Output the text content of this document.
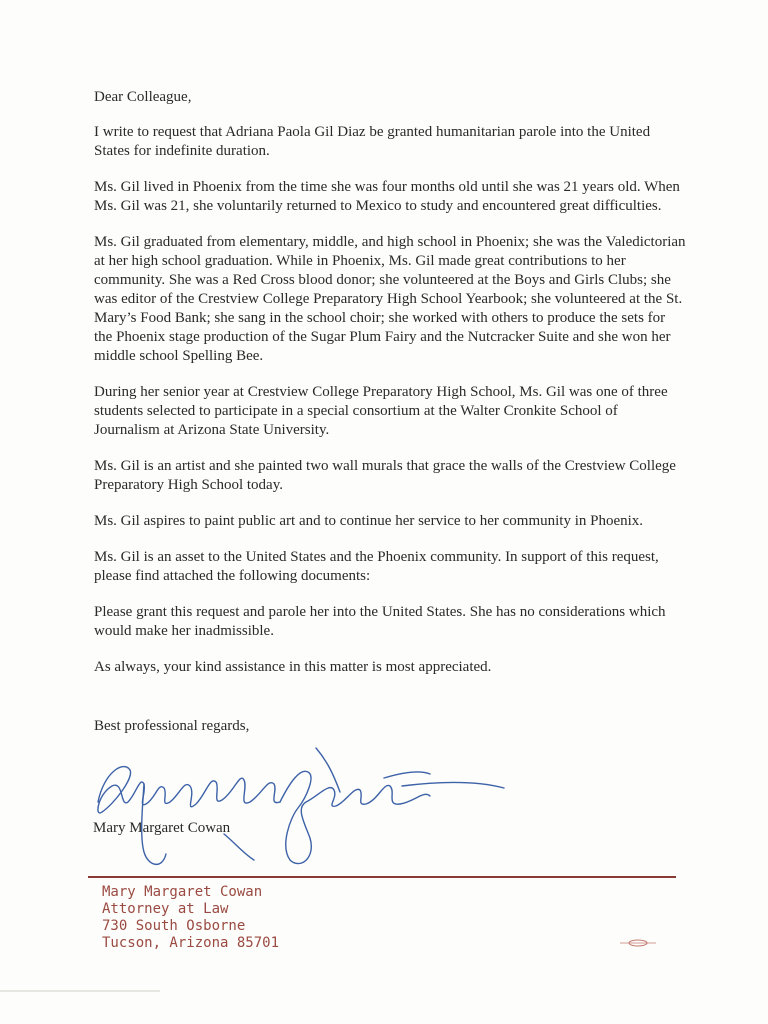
Dear Colleague,

I write to request that Adriana Paola Gil Diaz be granted humanitarian parole into the United States for indefinite duration.

Ms. Gil lived in Phoenix from the time she was four months old until she was 21 years old. When Ms. Gil was 21, she voluntarily returned to Mexico to study and encountered great difficulties.

Ms. Gil graduated from elementary, middle, and high school in Phoenix; she was the Valedictorian at her high school graduation. While in Phoenix, Ms. Gil made great contributions to her community. She was a Red Cross blood donor; she volunteered at the Boys and Girls Clubs; she was editor of the Crestview College Preparatory High School Yearbook; she volunteered at the St. Mary’s Food Bank; she sang in the school choir; she worked with others to produce the sets for the Phoenix stage production of the Sugar Plum Fairy and the Nutcracker Suite and she won her middle school Spelling Bee.

During her senior year at Crestview College Preparatory High School, Ms. Gil was one of three students selected to participate in a special consortium at the Walter Cronkite School of Journalism at Arizona State University.

Ms. Gil is an artist and she painted two wall murals that grace the walls of the Crestview College Preparatory High School today.

Ms. Gil aspires to paint public art and to continue her service to her community in Phoenix.

Ms. Gil is an asset to the United States and the Phoenix community. In support of this request, please find attached the following documents:

Please grant this request and parole her into the United States. She has no considerations which would make her inadmissible.

As always, your kind assistance in this matter is most appreciated.

Best professional regards,

Mary Margaret Cowan
Mary Margaret Cowan
Attorney at Law
730 South Osborne
Tucson, Arizona 85701
